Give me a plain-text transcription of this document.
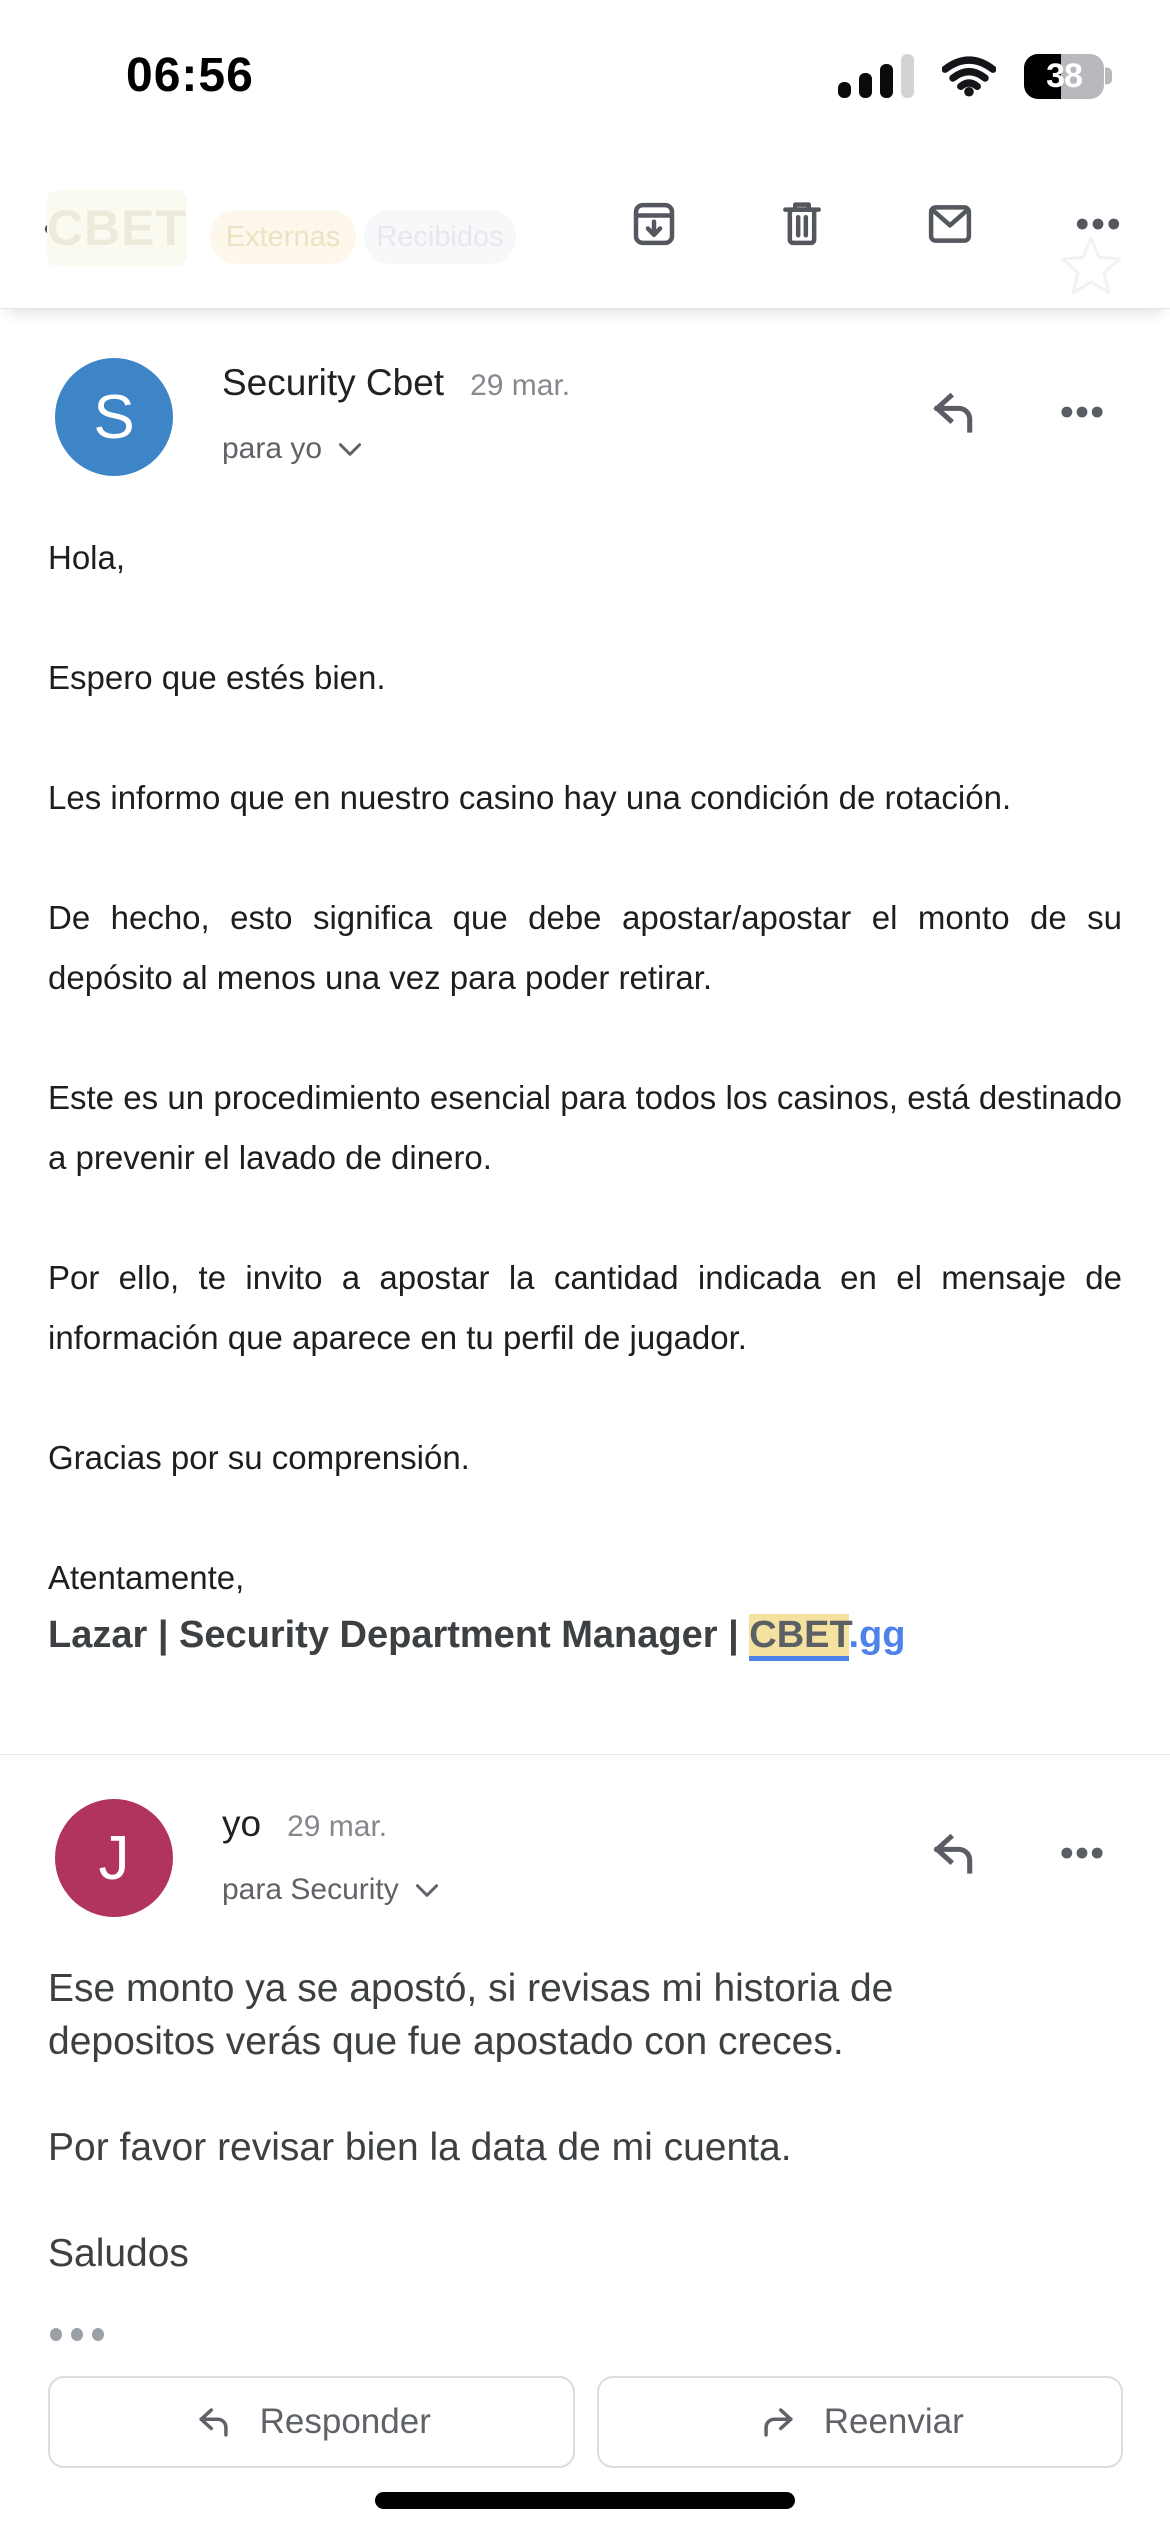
06:56	38
CBET Externas Recibidos
S Security Cbet 29 mar.
para yo

Hola,

Espero que estés bien.

Les informo que en nuestro casino hay una condición de rotación.

De hecho, esto significa que debe apostar/apostar el monto de su depósito al menos una vez para poder retirar.

Este es un procedimiento esencial para todos los casinos, está destinado a prevenir el lavado de dinero.

Por ello, te invito a apostar la cantidad indicada en el mensaje de información que aparece en tu perfil de jugador.

Gracias por su comprensión.

Atentamente,

Lazar | Security Department Manager | CBET.gg

J	yo 29 mar.
para Security

Ese monto ya se apostó, si revisas mi historia de depositos verás que fue apostado con creces.

Por favor revisar bien la data de mi cuenta.

Saludos

Responder	Reenviar
